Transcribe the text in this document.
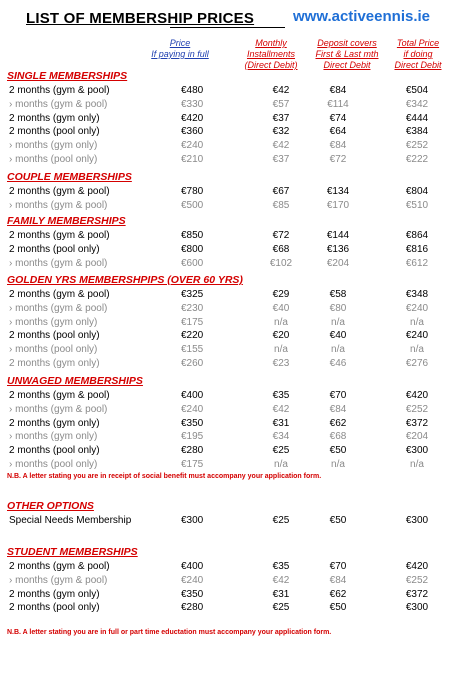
LIST OF MEMBERSHIP PRICES	www.activeennis.ie
Price
If paying in full
Monthly
Installments
(Direct Debit)
Deposit covers
First & Last mth
Direct Debit
Total Price
if doing
Direct Debit
SINGLE MEMBERSHIPS
2 months (gym & pool)	€480	€42	€84	€504
› months (gym & pool)	€330	€57	€114	€342
2 months (gym only)	€420	€37	€74	€444
2 months (pool only)	€360	€32	€64	€384
› months (gym only)	€240	€42	€84	€252
› months (pool only)	€210	€37	€72	€222
COUPLE MEMBERSHIPS
2 months (gym & pool)	€780	€67	€134	€804
› months (gym & pool)	€500	€85	€170	€510
FAMILY MEMBERSHIPS
2 months (gym & pool)	€850	€72	€144	€864
2 months (pool only)	€800	€68	€136	€816
› months (gym & pool)	€600	€102	€204	€612
GOLDEN YRS MEMBERSHPIPS (OVER 60 YRS)
2 months (gym & pool)	€325	€29	€58	€348
› months (gym & pool)	€230	€40	€80	€240
› months (gym only)	€175	n/a	n/a	n/a
2 months (pool only)	€220	€20	€40	€240
› months (pool only)	€155	n/a	n/a	n/a
2 months (gym only)	€260	€23	€46	€276
UNWAGED MEMBERSHIPS
2 months (gym & pool)	€400	€35	€70	€420
› months (gym & pool)	€240	€42	€84	€252
2 months (gym only)	€350	€31	€62	€372
› months (gym only)	€195	€34	€68	€204
2 months (pool only)	€280	€25	€50	€300
› months (pool only)	€175	n/a	n/a	n/a
OTHER OPTIONS
Special Needs Membership	€300	€25	€50	€300
STUDENT MEMBERSHIPS
2 months (gym & pool)	€400	€35	€70	€420
› months (gym & pool)	€240	€42	€84	€252
2 months (gym only)	€350	€31	€62	€372
2 months (pool only)	€280	€25	€50	€300
N.B. A letter stating you are in receipt of social benefit must accompany your application form.
N.B. A letter stating you are in full or part time eductation must accompany your application form.
